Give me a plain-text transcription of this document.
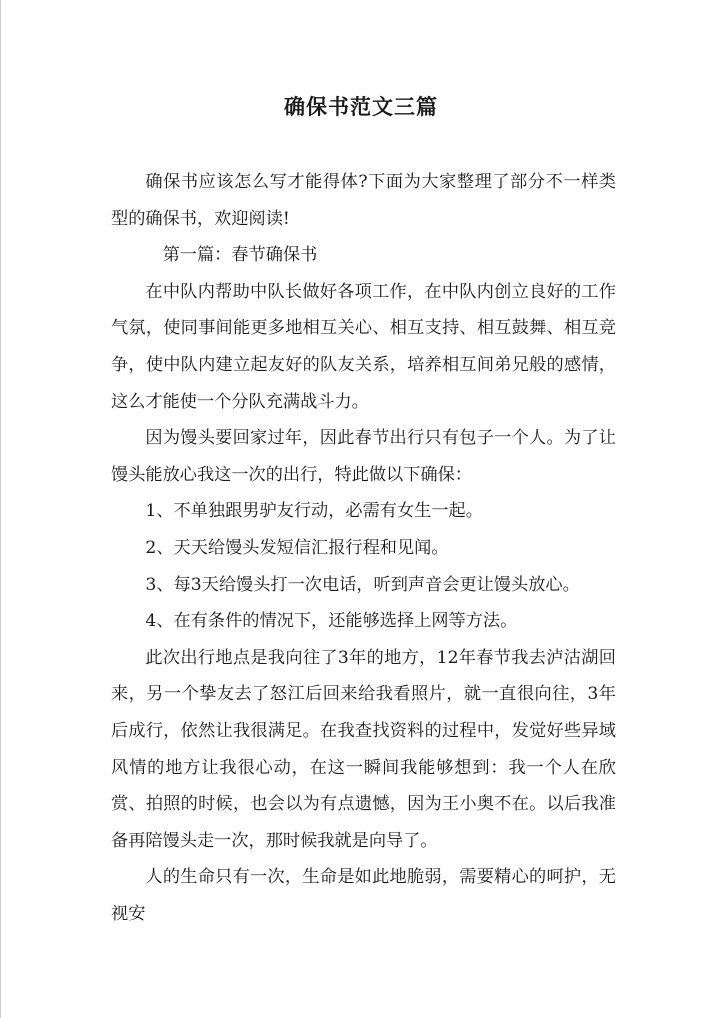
确保书范文三篇

确保书应该怎么写才能得体?下面为大家整理了部分不一样类型的确保书，欢迎阅读!

第一篇：春节确保书

在中队内帮助中队长做好各项工作，在中队内创立良好的工作气氛，使同事间能更多地相互关心、相互支持、相互鼓舞、相互竞争，使中队内建立起友好的队友关系，培养相互间弟兄般的感情，这么才能使一个分队充满战斗力。

因为馒头要回家过年，因此春节出行只有包子一个人。为了让馒头能放心我这一次的出行，特此做以下确保：

1、不单独跟男驴友行动，必需有女生一起。

2、天天给馒头发短信汇报行程和见闻。

3、每3天给馒头打一次电话，听到声音会更让馒头放心。

4、在有条件的情况下，还能够选择上网等方法。

此次出行地点是我向往了3年的地方，12年春节我去泸沽湖回来，另一个挚友去了怒江后回来给我看照片，就一直很向往，3年后成行，依然让我很满足。在我查找资料的过程中，发觉好些异域风情的地方让我很心动，在这一瞬间我能够想到：我一个人在欣赏、拍照的时候，也会以为有点遗憾，因为王小奥不在。以后我准备再陪馒头走一次，那时候我就是向导了。

人的生命只有一次，生命是如此地脆弱，需要精心的呵护，无视安
